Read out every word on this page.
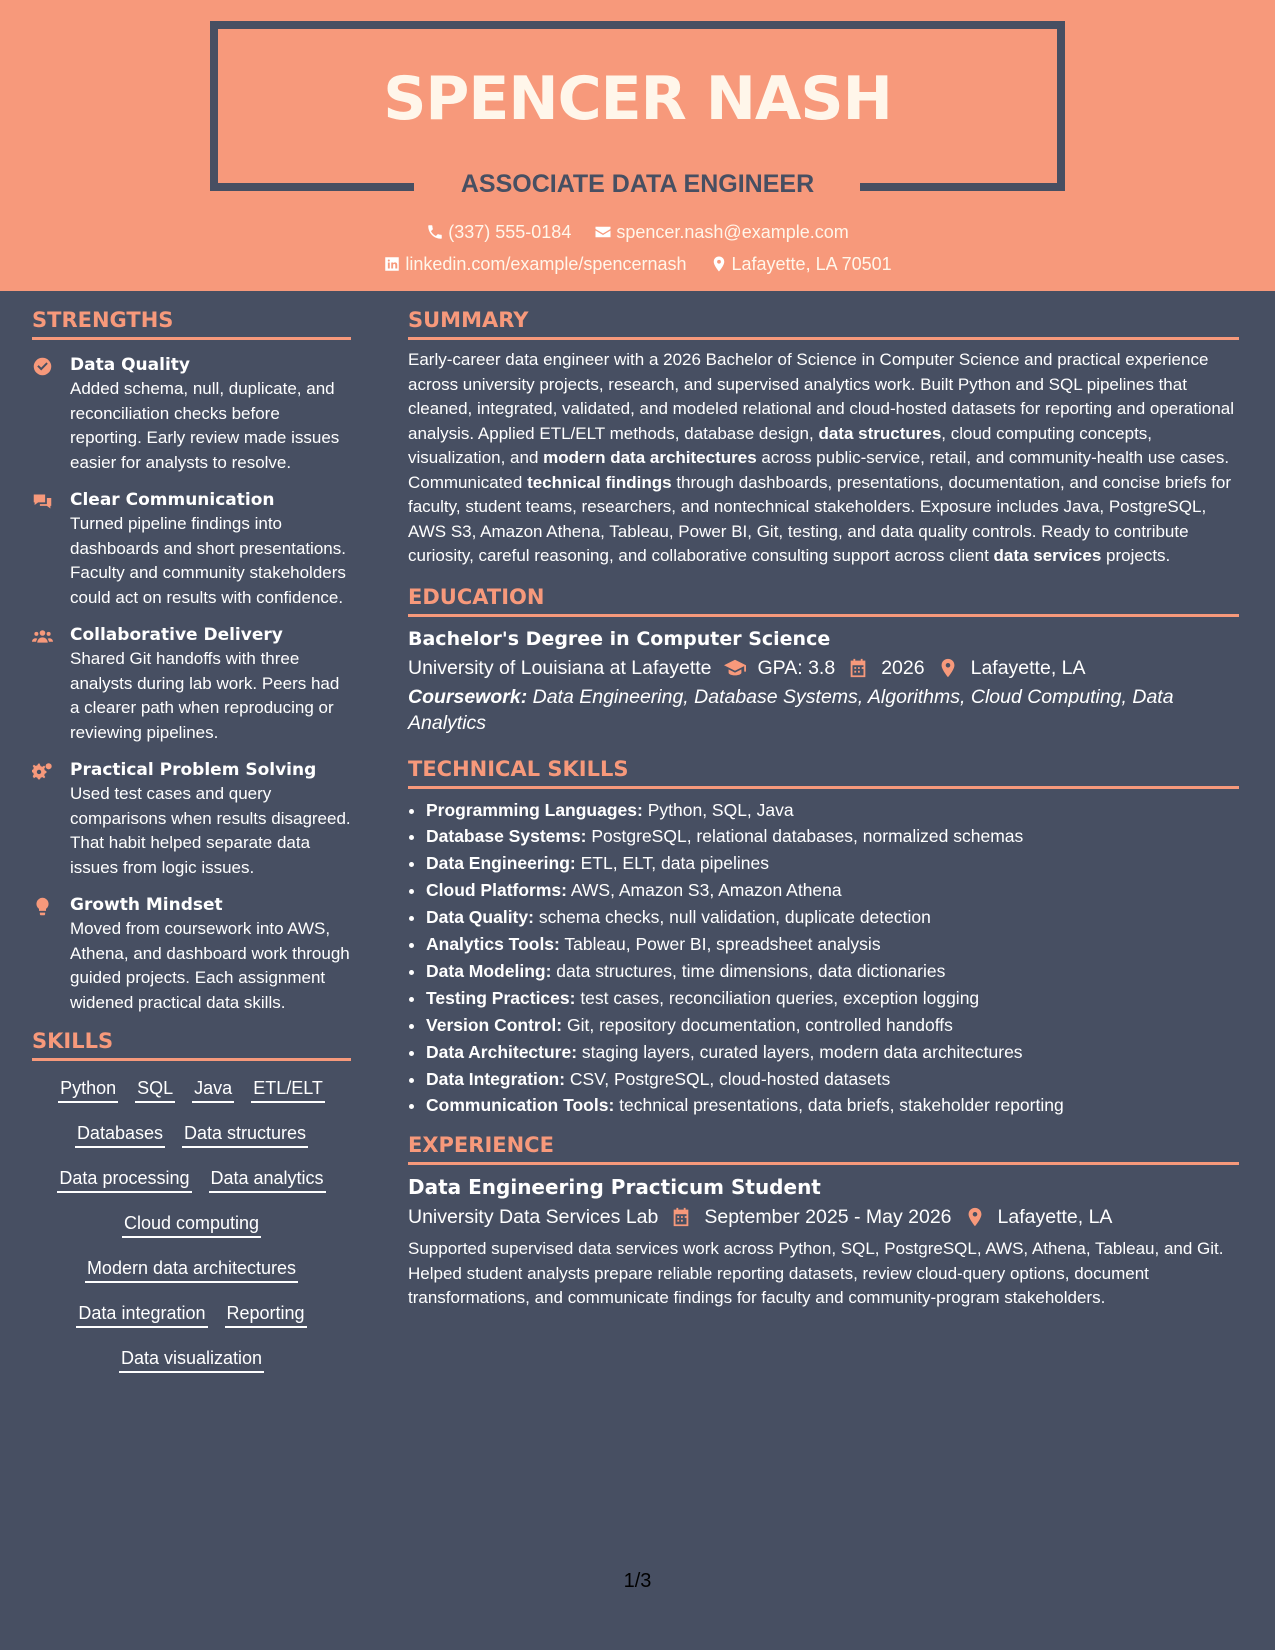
SPENCER NASH
ASSOCIATE DATA ENGINEER
(337) 555-0184
	spencer.nash@example.com
linkedin.com/example/spencernash
	Lafayette, LA 70501
STRENGTHS
Data Quality
Added schema, null, duplicate, and reconciliation checks before reporting. Early review made issues easier for analysts to resolve.
Clear Communication
Turned pipeline findings into dashboards and short presentations. Faculty and community stakeholders could act on results with confidence.
Collaborative Delivery
Shared Git handoffs with three analysts during lab work. Peers had a clearer path when reproducing or reviewing pipelines.
Practical Problem Solving
Used test cases and query comparisons when results disagreed. That habit helped separate data issues from logic issues.
Growth Mindset
Moved from coursework into AWS, Athena, and dashboard work through guided projects. Each assignment widened practical data skills.
SKILLS
Python SQL Java ETL/ELT
Databases Data structures
Data processing Data analytics
Cloud computing
Modern data architectures
Data integration Reporting
Data visualization
SUMMARY

Early-career data engineer with a 2026 Bachelor of Science in Computer Science and practical experience across university projects, research, and supervised analytics work. Built Python and SQL pipelines that cleaned, integrated, validated, and modeled relational and cloud-hosted datasets for reporting and operational analysis. Applied ETL/ELT methods, database design, data structures, cloud computing concepts, visualization, and modern data architectures across public-service, retail, and community-health use cases. Communicated technical findings through dashboards, presentations, documentation, and concise briefs for faculty, student teams, researchers, and nontechnical stakeholders. Exposure includes Java, PostgreSQL, AWS S3, Amazon Athena, Tableau, Power BI, Git, testing, and data quality controls. Ready to contribute curiosity, careful reasoning, and collaborative consulting support across client data services projects.

EDUCATION
Bachelor's Degree in Computer Science
University of Louisiana at Lafayette GPA: 3.8 2026 Lafayette, LA
Coursework: Data Engineering, Database Systems, Algorithms, Cloud Computing, Data Analytics
TECHNICAL SKILLS
• Programming Languages: Python, SQL, Java
• Database Systems: PostgreSQL, relational databases, normalized schemas
• Data Engineering: ETL, ELT, data pipelines
• Cloud Platforms: AWS, Amazon S3, Amazon Athena
• Data Quality: schema checks, null validation, duplicate detection
• Analytics Tools: Tableau, Power BI, spreadsheet analysis
• Data Modeling: data structures, time dimensions, data dictionaries
• Testing Practices: test cases, reconciliation queries, exception logging
• Version Control: Git, repository documentation, controlled handoffs
• Data Architecture: staging layers, curated layers, modern data architectures
• Data Integration: CSV, PostgreSQL, cloud-hosted datasets
• Communication Tools: technical presentations, data briefs, stakeholder reporting
EXPERIENCE
Data Engineering Practicum Student
University Data Services Lab September 2025 - May 2026 Lafayette, LA
Supported supervised data services work across Python, SQL, PostgreSQL, AWS, Athena, Tableau, and Git. Helped student analysts prepare reliable reporting datasets, review cloud-query options, document transformations, and communicate findings for faculty and community-program stakeholders.
1/3
